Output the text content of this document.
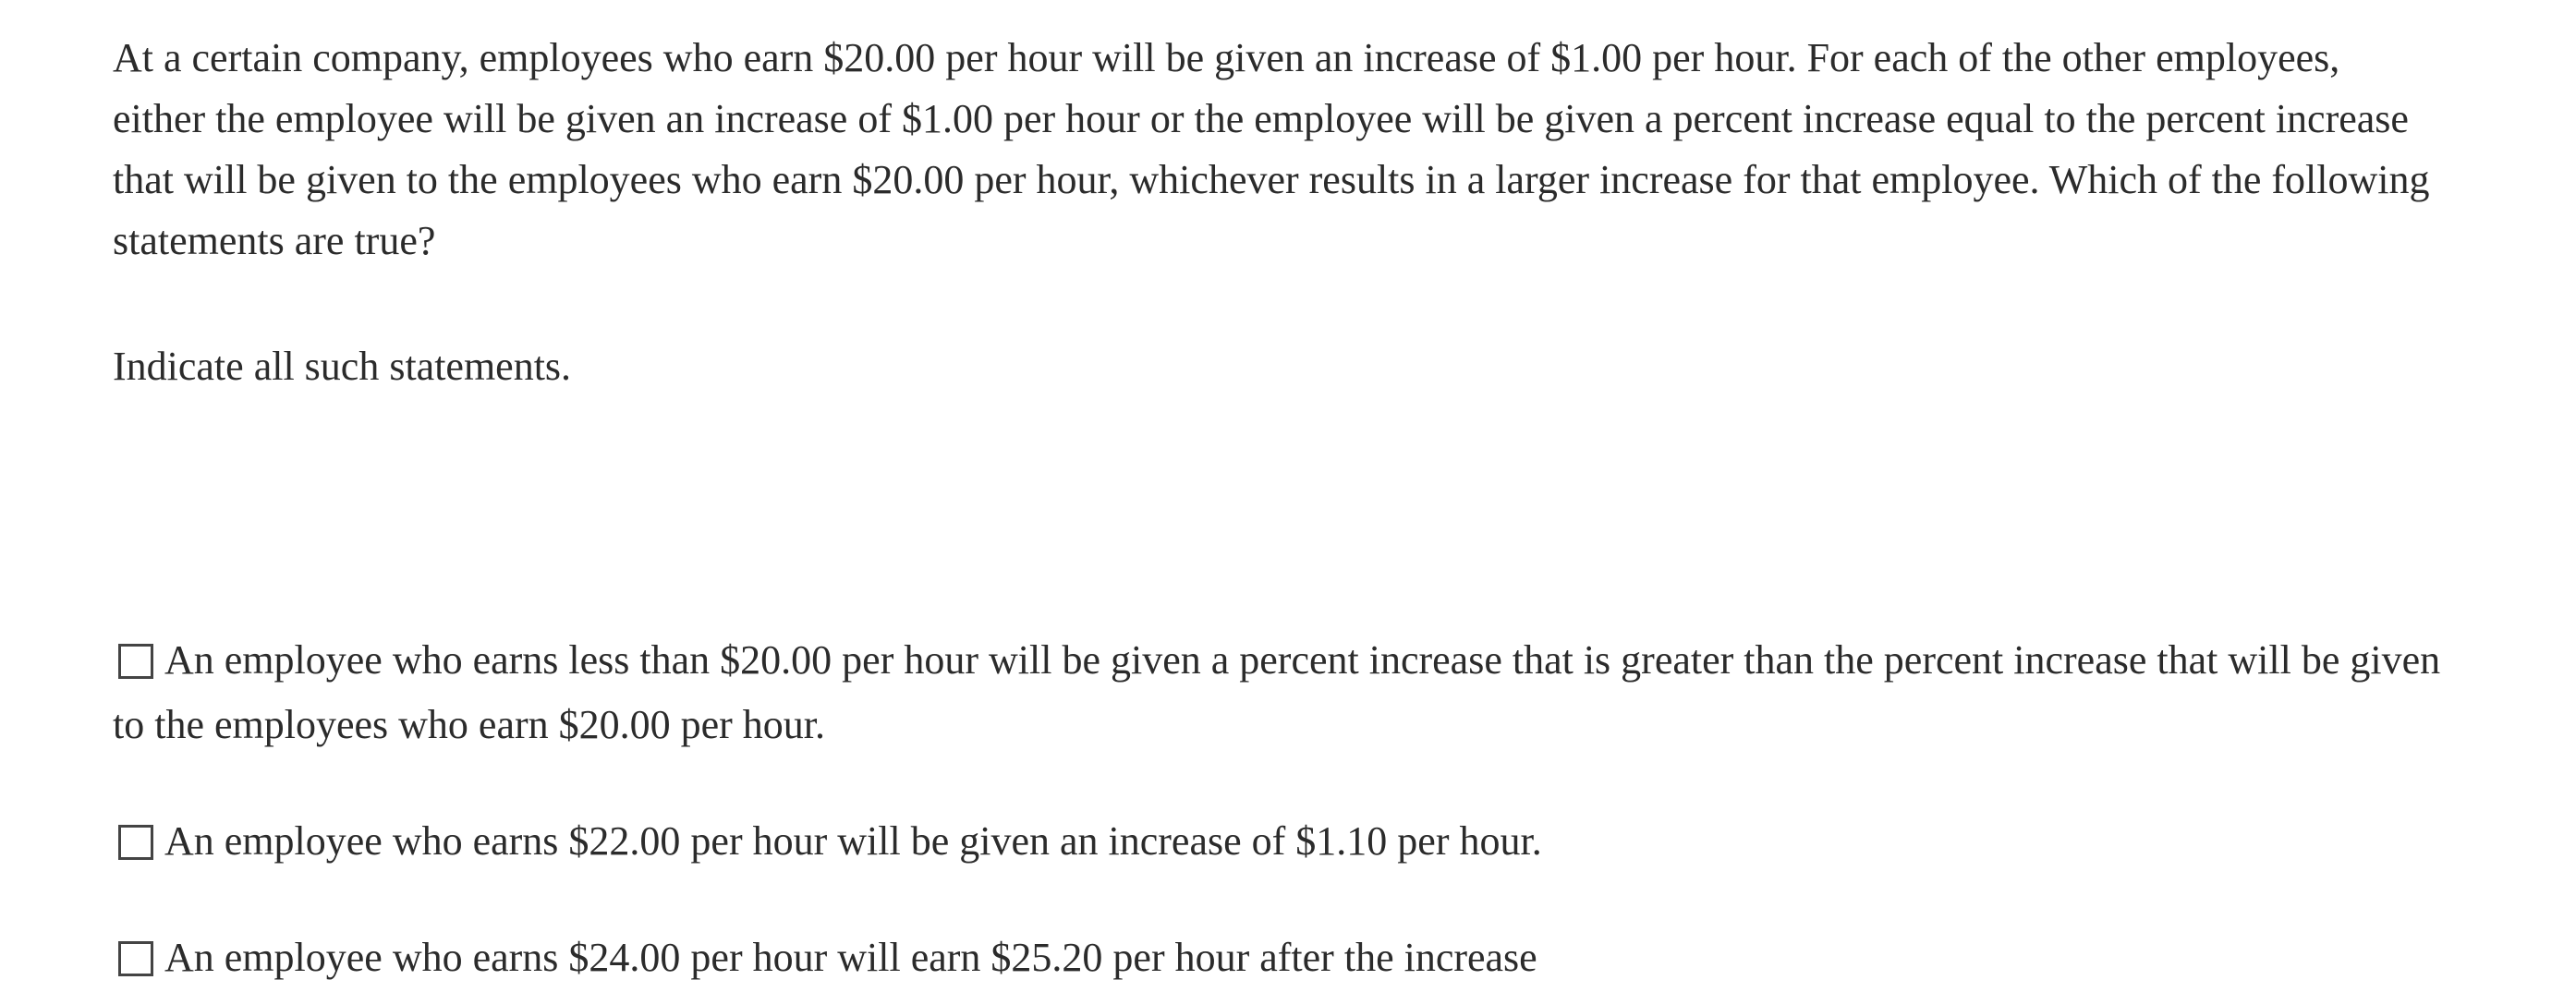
At a certain company, employees who earn $20.00 per hour will be given an increase of $1.00 per hour. For each of the other employees, either the employee will be given an increase of $1.00 per hour or the employee will be given a percent increase equal to the percent increase that will be given to the employees who earn $20.00 per hour, whichever results in a larger increase for that employee. Which of the following statements are true?

Indicate all such statements.

An employee who earns less than $20.00 per hour will be given a percent increase that is greater than the percent increase that will be given to the employees who earn $20.00 per hour.

An employee who earns $22.00 per hour will be given an increase of $1.10 per hour.

An employee who earns $24.00 per hour will earn $25.20 per hour after the increase
